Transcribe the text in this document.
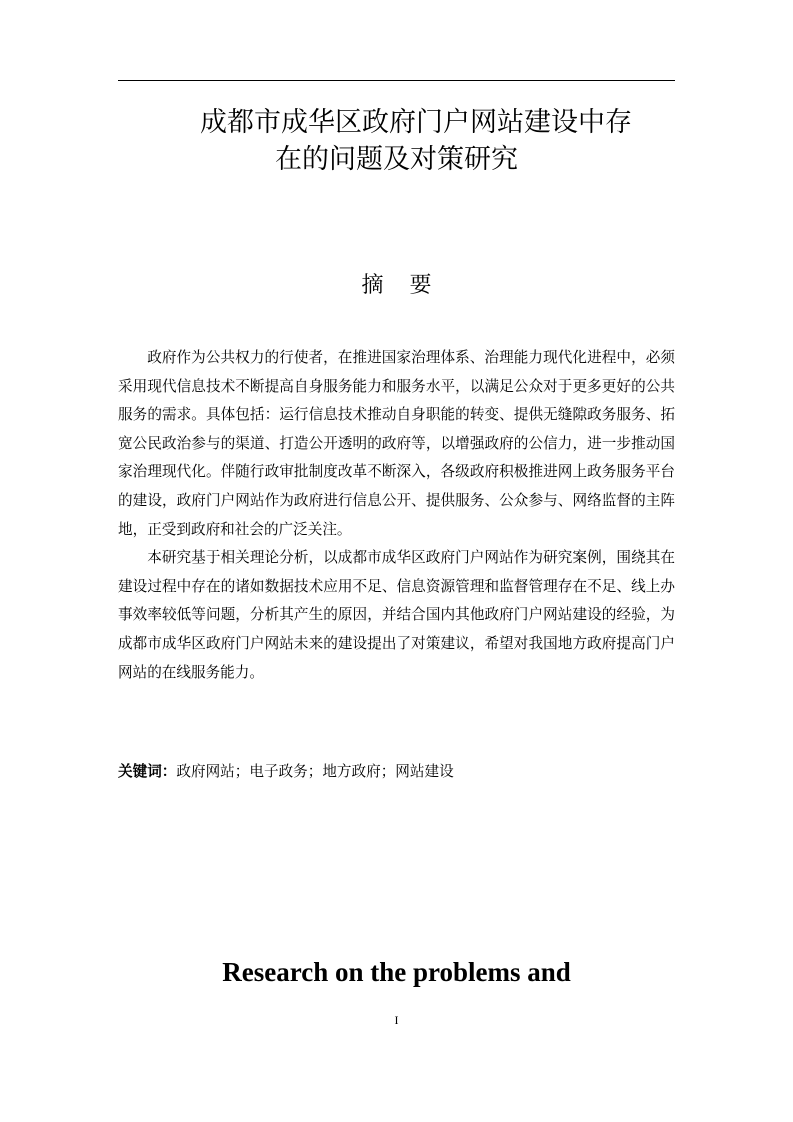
成都市成华区政府门户网站建设中存
在的问题及对策研究
摘要

政府作为公共权力的行使者，在推进国家治理体系、治理能力现代化进程中，必须采用现代信息技术不断提高自身服务能力和服务水平，以满足公众对于更多更好的公共服务的需求。具体包括：运行信息技术推动自身职能的转变、提供无缝隙政务服务、拓宽公民政治参与的渠道、打造公开透明的政府等，以增强政府的公信力，进一步推动国家治理现代化。伴随行政审批制度改革不断深入，各级政府积极推进网上政务服务平台的建设，政府门户网站作为政府进行信息公开、提供服务、公众参与、网络监督的主阵地，正受到政府和社会的广泛关注。

本研究基于相关理论分析，以成都市成华区政府门户网站作为研究案例，围绕其在建设过程中存在的诸如数据技术应用不足、信息资源管理和监督管理存在不足、线上办事效率较低等问题，分析其产生的原因，并结合国内其他政府门户网站建设的经验，为成都市成华区政府门户网站未来的建设提出了对策建议，希望对我国地方政府提高门户网站的在线服务能力。

关键词：政府网站；电子政务；地方政府；网站建设
Research on the problems and
I
